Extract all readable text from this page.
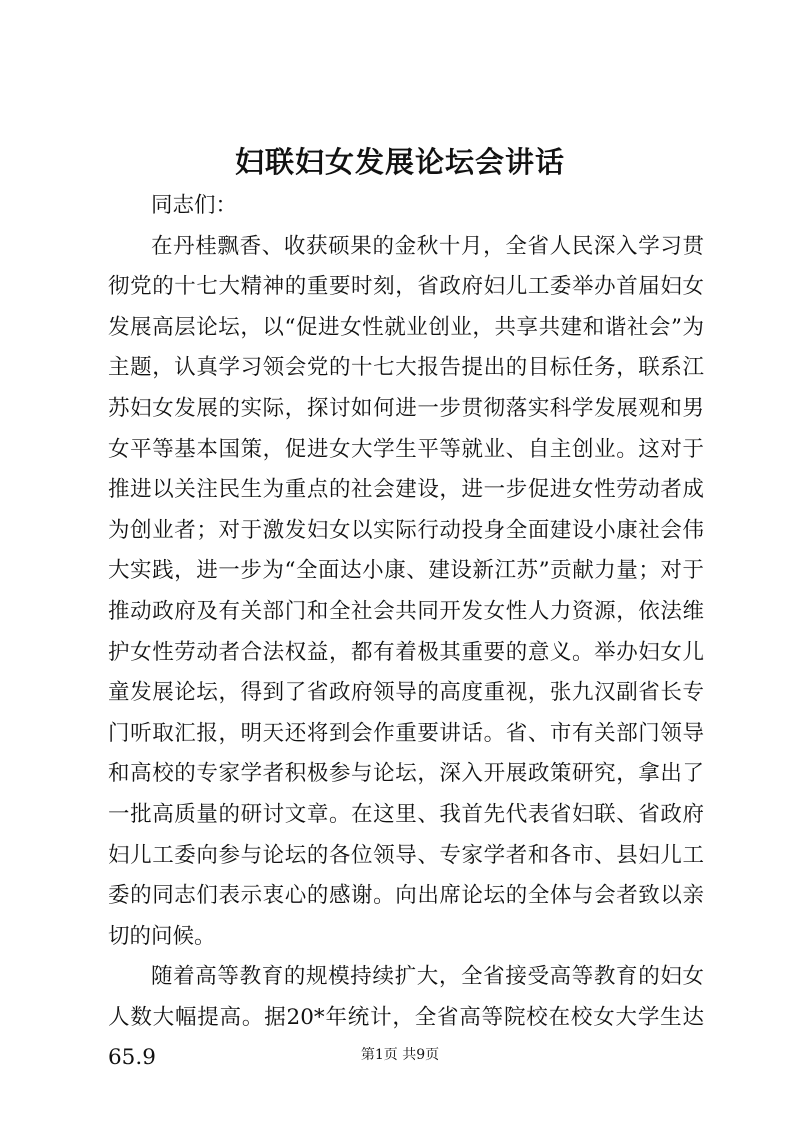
妇联妇女发展论坛会讲话

同志们：

在丹桂飘香、收获硕果的金秋十月，全省人民深入学习贯彻党的十七大精神的重要时刻，省政府妇儿工委举办首届妇女发展高层论坛，以“促进女性就业创业，共享共建和谐社会”为主题，认真学习领会党的十七大报告提出的目标任务，联系江苏妇女发展的实际，探讨如何进一步贯彻落实科学发展观和男女平等基本国策，促进女大学生平等就业、自主创业。这对于推进以关注民生为重点的社会建设，进一步促进女性劳动者成为创业者；对于激发妇女以实际行动投身全面建设小康社会伟大实践，进一步为“全面达小康、建设新江苏”贡献力量；对于推动政府及有关部门和全社会共同开发女性人力资源，依法维护女性劳动者合法权益，都有着极其重要的意义。举办妇女儿童发展论坛，得到了省政府领导的高度重视，张九汉副省长专门听取汇报，明天还将到会作重要讲话。省、市有关部门领导和高校的专家学者积极参与论坛，深入开展政策研究，拿出了一批高质量的研讨文章。在这里、我首先代表省妇联、省政府妇儿工委向参与论坛的各位领导、专家学者和各市、县妇儿工委的同志们表示衷心的感谢。向出席论坛的全体与会者致以亲切的问候。

随着高等教育的规模持续扩大，全省接受高等教育的妇女人数大幅提高。据20*年统计，全省高等院校在校女大学生达65.9	第1页 共9页
